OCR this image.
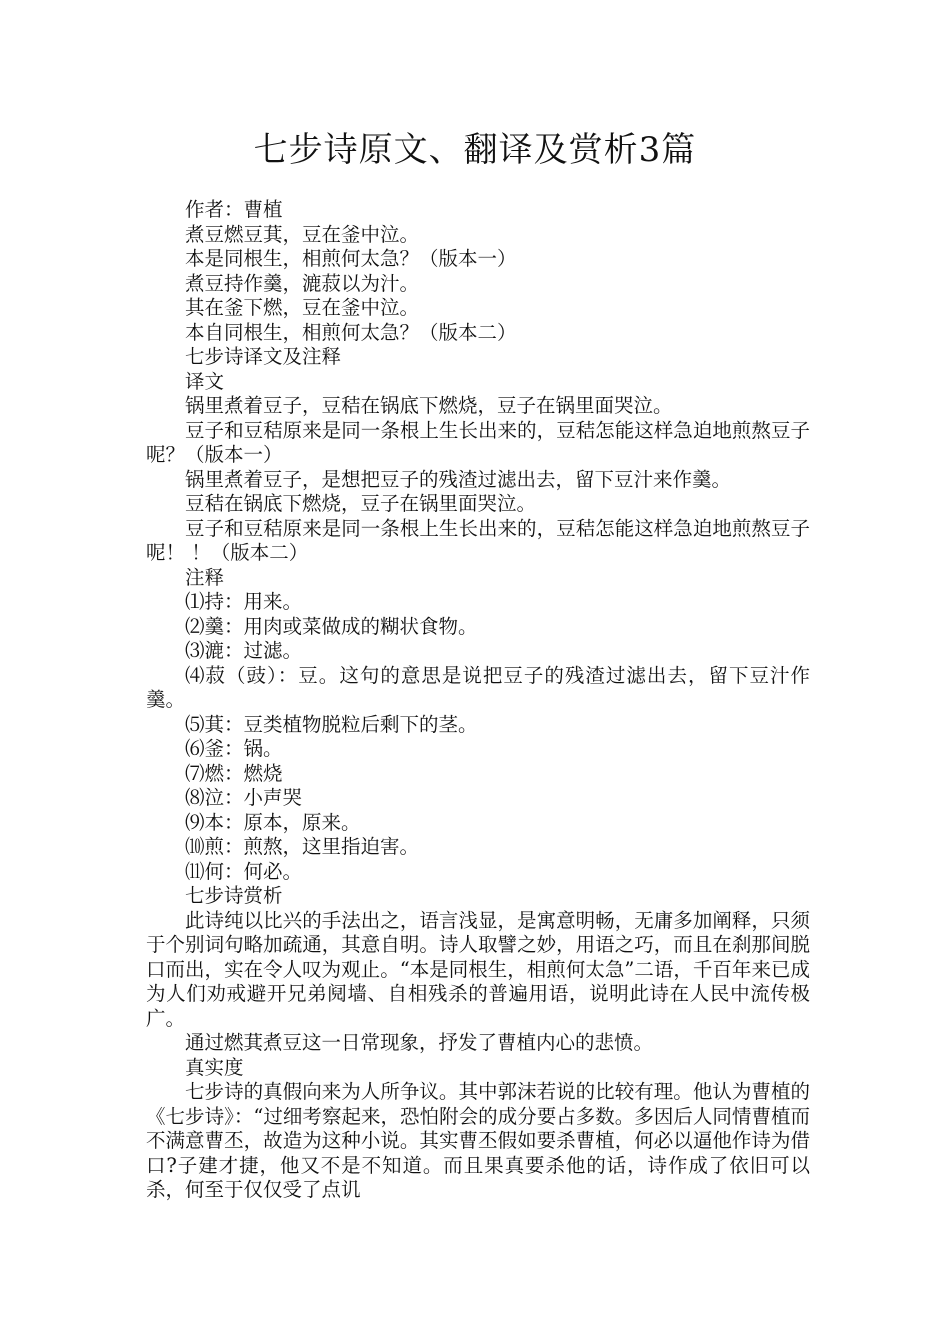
七步诗原文、翻译及赏析3篇

作者：曹植

煮豆燃豆萁，豆在釜中泣。

本是同根生，相煎何太急？（版本一）

煮豆持作羹，漉菽以为汁。

其在釜下燃，豆在釜中泣。

本自同根生，相煎何太急？（版本二）

七步诗译文及注释

译文

锅里煮着豆子，豆秸在锅底下燃烧，豆子在锅里面哭泣。

豆子和豆秸原来是同一条根上生长出来的，豆秸怎能这样急迫地煎熬豆子呢？（版本一）

锅里煮着豆子，是想把豆子的残渣过滤出去，留下豆汁来作羹。

豆秸在锅底下燃烧，豆子在锅里面哭泣。

豆子和豆秸原来是同一条根上生长出来的，豆秸怎能这样急迫地煎熬豆子呢！ ！（版本二）

注释

⑴持：用来。

⑵羹：用肉或菜做成的糊状食物。

⑶漉：过滤。

⑷菽（豉）：豆。这句的意思是说把豆子的残渣过滤出去，留下豆汁作羹。

⑸萁：豆类植物脱粒后剩下的茎。

⑹釜：锅。

⑺燃：燃烧

⑻泣：小声哭

⑼本：原本，原来。

⑽煎：煎熬，这里指迫害。

⑾何：何必。

七步诗赏析

此诗纯以比兴的手法出之，语言浅显，是寓意明畅，无庸多加阐释，只须于个别词句略加疏通，其意自明。诗人取譬之妙，用语之巧，而且在刹那间脱口而出，实在令人叹为观止。“本是同根生，相煎何太急”二语，千百年来已成为人们劝戒避开兄弟阋墙、自相残杀的普遍用语，说明此诗在人民中流传极广。

通过燃萁煮豆这一日常现象，抒发了曹植内心的悲愤。

真实度

七步诗的真假向来为人所争议。其中郭沫若说的比较有理。他认为曹植的《七步诗》：“过细考察起来，恐怕附会的成分要占多数。多因后人同情曹植而不满意曹丕，故造为这种小说。其实曹丕假如要杀曹植，何必以逼他作诗为借口?子建才捷，他又不是不知道。而且果真要杀他的话，诗作成了依旧可以杀，何至于仅仅受了点讥
